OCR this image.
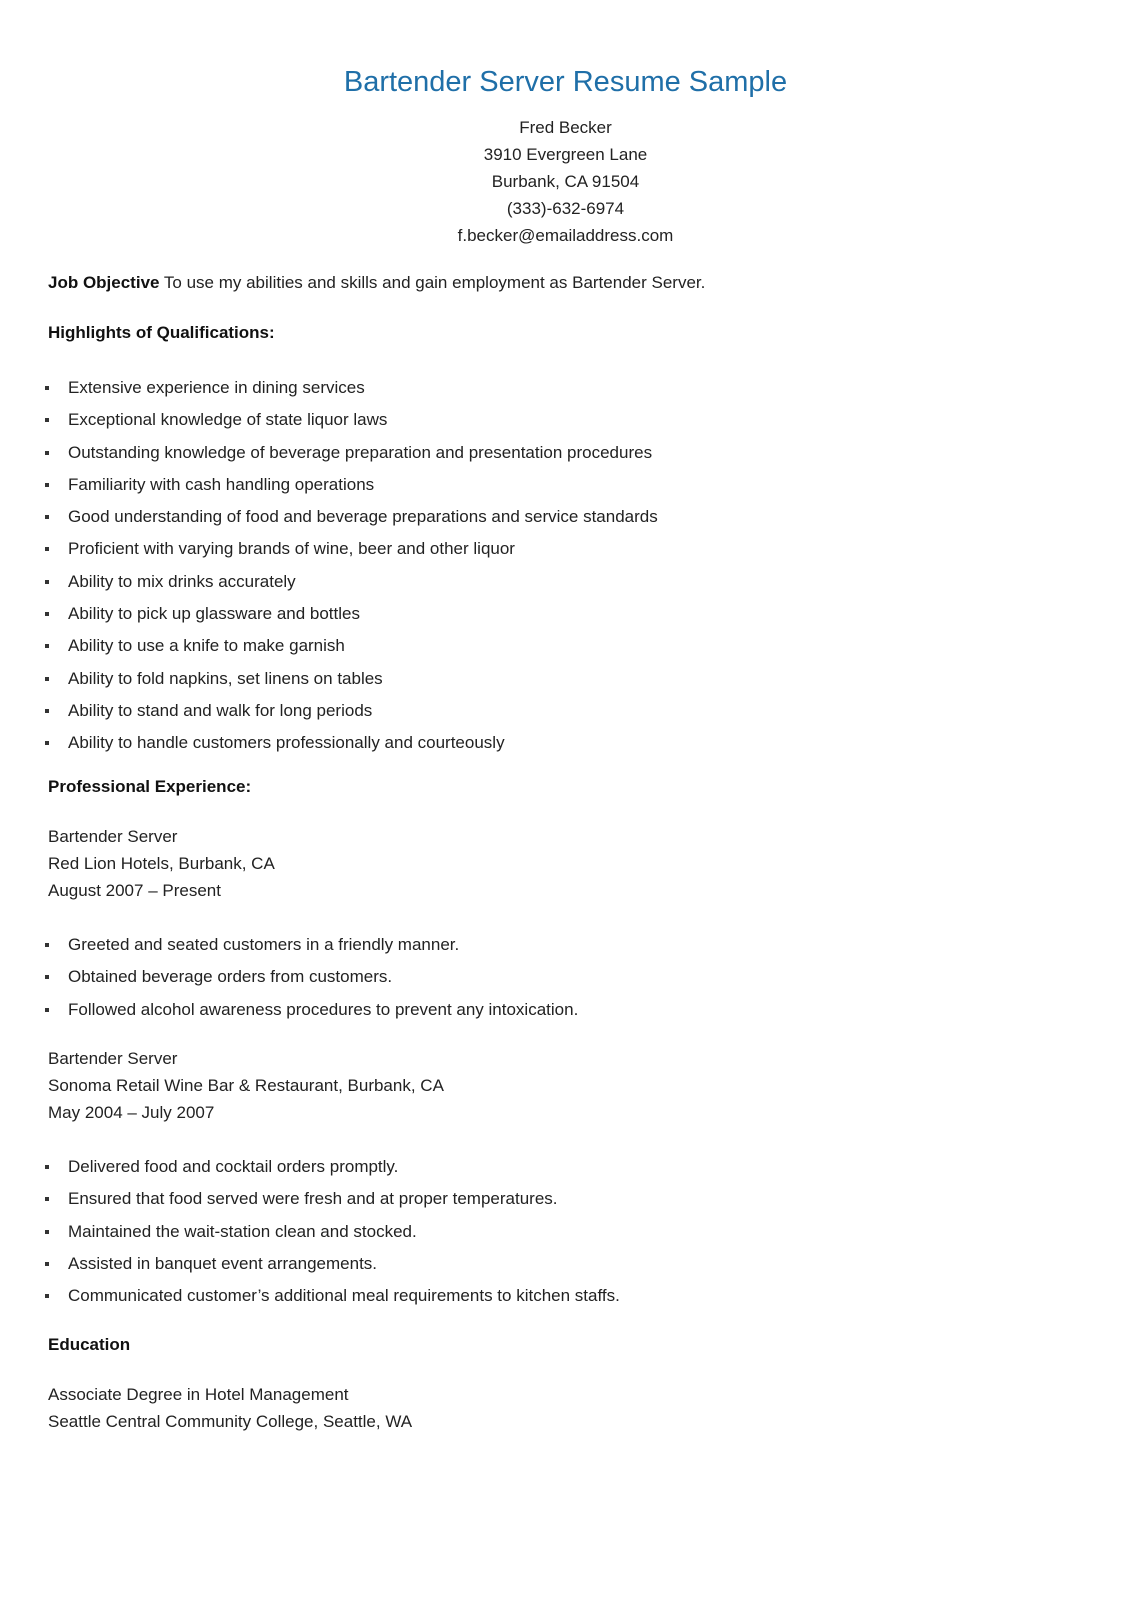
Bartender Server Resume Sample
Fred Becker
3910 Evergreen Lane
Burbank, CA 91504
(333)-632-6974
f.becker@emailaddress.com
Job Objective To use my abilities and skills and gain employment as Bartender Server.
Highlights of Qualifications:
Extensive experience in dining services
Exceptional knowledge of state liquor laws
Outstanding knowledge of beverage preparation and presentation procedures
Familiarity with cash handling operations
Good understanding of food and beverage preparations and service standards
Proficient with varying brands of wine, beer and other liquor
Ability to mix drinks accurately
Ability to pick up glassware and bottles
Ability to use a knife to make garnish
Ability to fold napkins, set linens on tables
Ability to stand and walk for long periods
Ability to handle customers professionally and courteously
Professional Experience:
Bartender Server
Red Lion Hotels, Burbank, CA
August 2007 – Present
Greeted and seated customers in a friendly manner.
Obtained beverage orders from customers.
Followed alcohol awareness procedures to prevent any intoxication.
Bartender Server
Sonoma Retail Wine Bar & Restaurant, Burbank, CA
May 2004 – July 2007
Delivered food and cocktail orders promptly.
Ensured that food served were fresh and at proper temperatures.
Maintained the wait-station clean and stocked.
Assisted in banquet event arrangements.
Communicated customer’s additional meal requirements to kitchen staffs.
Education
Associate Degree in Hotel Management
Seattle Central Community College, Seattle, WA
